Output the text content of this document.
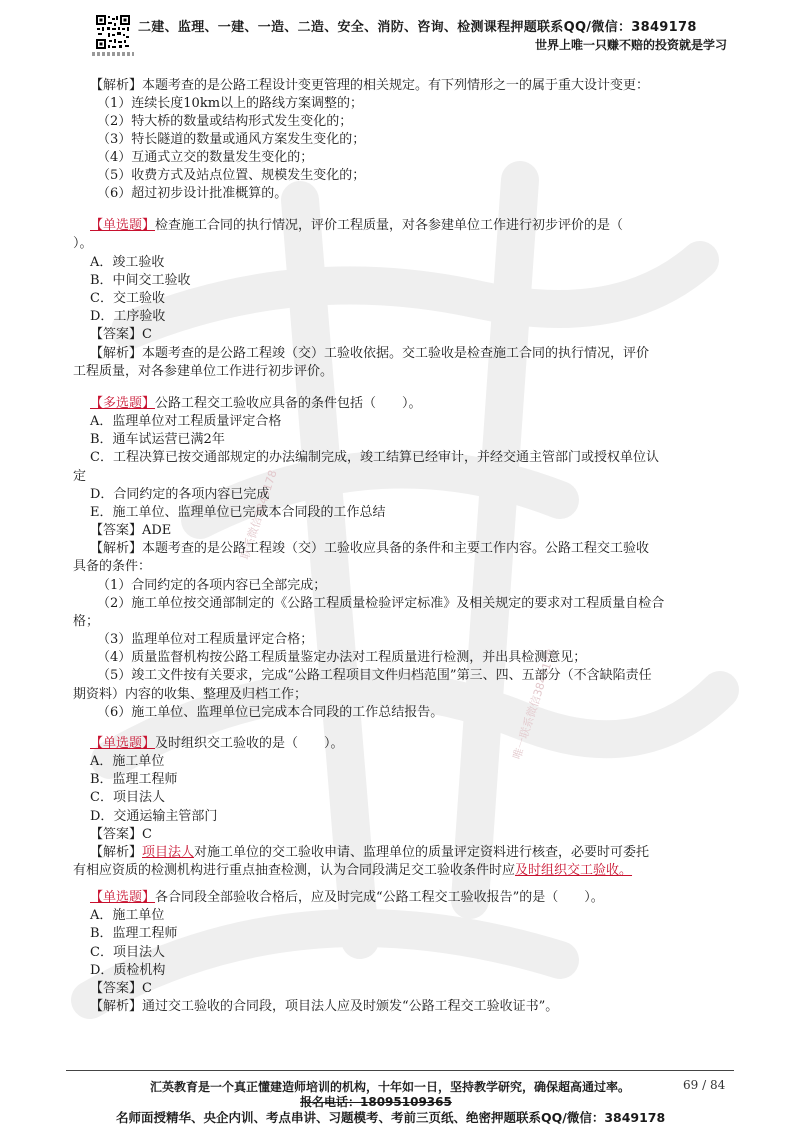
联系微信3849178
唯一联系微信3849178
二建、监理、一建、一造、二造、安全、消防、咨询、检测课程押题联系QQ/微信：3849178
世界上唯一只赚不赔的投资就是学习
【解析】本题考查的是公路工程设计变更管理的相关规定。有下列情形之一的属于重大设计变更：
（1）连续长度10km以上的路线方案调整的；
（2）特大桥的数量或结构形式发生变化的；
（3）特长隧道的数量或通风方案发生变化的；
（4）互通式立交的数量发生变化的；
（5）收费方式及站点位置、规模发生变化的；
（6）超过初步设计批准概算的。
【单选题】检查施工合同的执行情况，评价工程质量，对各参建单位工作进行初步评价的是（
）。
A．竣工验收
B．中间交工验收
C．交工验收
D．工序验收
【答案】C
【解析】本题考查的是公路工程竣（交）工验收依据。交工验收是检查施工合同的执行情况，评价
工程质量，对各参建单位工作进行初步评价。
【多选题】公路工程交工验收应具备的条件包括（　　）。
A．监理单位对工程质量评定合格
B．通车试运营已满2年
C．工程决算已按交通部规定的办法编制完成，竣工结算已经审计，并经交通主管部门或授权单位认
定
D．合同约定的各项内容已完成
E．施工单位、监理单位已完成本合同段的工作总结
【答案】ADE
【解析】本题考查的是公路工程竣（交）工验收应具备的条件和主要工作内容。公路工程交工验收
具备的条件：
（1）合同约定的各项内容已全部完成；
（2）施工单位按交通部制定的《公路工程质量检验评定标准》及相关规定的要求对工程质量自检合
格；
（3）监理单位对工程质量评定合格；
（4）质量监督机构按公路工程质量鉴定办法对工程质量进行检测，并出具检测意见；
（5）竣工文件按有关要求，完成“公路工程项目文件归档范围”第三、四、五部分（不含缺陷责任
期资料）内容的收集、整理及归档工作；
（6）施工单位、监理单位已完成本合同段的工作总结报告。
【单选题】及时组织交工验收的是（　　）。
A．施工单位
B．监理工程师
C．项目法人
D．交通运输主管部门
【答案】C
【解析】项目法人对施工单位的交工验收申请、监理单位的质量评定资料进行核查，必要时可委托
有相应资质的检测机构进行重点抽查检测，认为合同段满足交工验收条件时应及时组织交工验收。
【单选题】各合同段全部验收合格后，应及时完成“公路工程交工验收报告”的是（　　）。
A．施工单位
B．监理工程师
C．项目法人
D．质检机构
【答案】C
【解析】通过交工验收的合同段，项目法人应及时颁发“公路工程交工验收证书”。
汇英教育是一个真正懂建造师培训的机构，十年如一日，坚持教学研究，确保超高通过率。	69 / 84
报名电话：18095109365
名师面授精华、央企内训、考点串讲、习题模考、考前三页纸、绝密押题联系QQ/微信：3849178
